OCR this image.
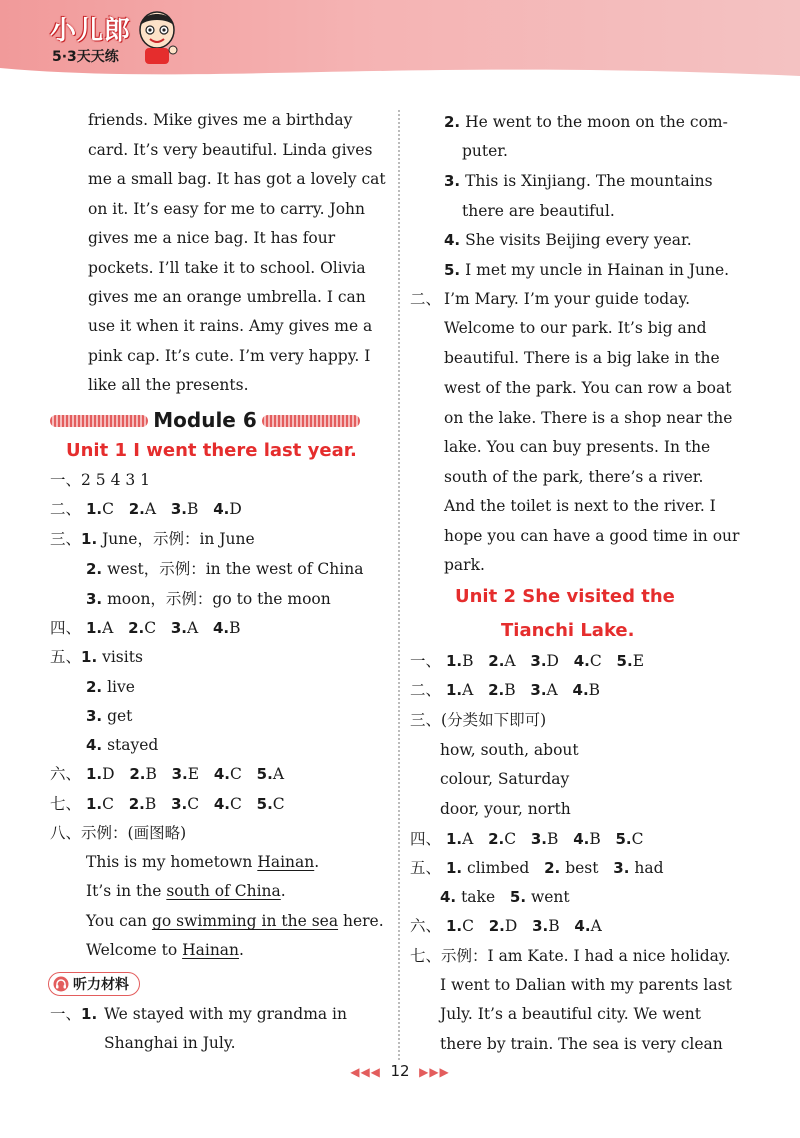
小儿郎
5·3天天练
friends. Mike gives me a birthday
card. It’s very beautiful. Linda gives
me a small bag. It has got a lovely cat
on it. It’s easy for me to carry. John
gives me a nice bag. It has four
pockets. I’ll take it to school. Olivia
gives me an orange umbrella. I can
use it when it rains. Amy gives me a
pink cap. It’s cute. I’m very happy. I
like all the presents.
Module 6
Unit 1 I went there last year.
一、2 5 4 3 1
二、 1.C 2.A 3.B 4.D
三、1. June，示例：in June
2. west，示例：in the west of China
3. moon，示例：go to the moon
四、 1.A 2.C 3.A 4.B
五、1. visits
2. live
3. get
4. stayed
六、 1.D 2.B 3.E 4.C 5.A
七、 1.C 2.B 3.C 4.C 5.C
八、示例：(画图略)
This is my hometown Hainan.
It’s in the south of China.
You can go swimming in the sea here.
Welcome to Hainan.
听力材料
一、1. We stayed with my grandma in
Shanghai in July.
2. He went to the moon on the com-
puter.
3. This is Xinjiang. The mountains
there are beautiful.
4. She visits Beijing every year.
5. I met my uncle in Hainan in June.
二、 I’m Mary. I’m your guide today.
Welcome to our park. It’s big and
beautiful. There is a big lake in the
west of the park. You can row a boat
on the lake. There is a shop near the
lake. You can buy presents. In the
south of the park, there’s a river.
And the toilet is next to the river. I
hope you can have a good time in our
park.
Unit 2 She visited the
Tianchi Lake.
一、 1.B 2.A 3.D 4.C 5.E
二、 1.A 2.B 3.A 4.B
三、(分类如下即可)
how, south, about
colour, Saturday
door, your, north
四、 1.A 2.C 3.B 4.B 5.C
五、 1. climbed 2. best 3. had
4. take 5. went
六、 1.C 2.D 3.B 4.A
七、示例：I am Kate. I had a nice holiday.
I went to Dalian with my parents last
July. It’s a beautiful city. We went
there by train. The sea is very clean
◀◀◀ 12 ▶▶▶
